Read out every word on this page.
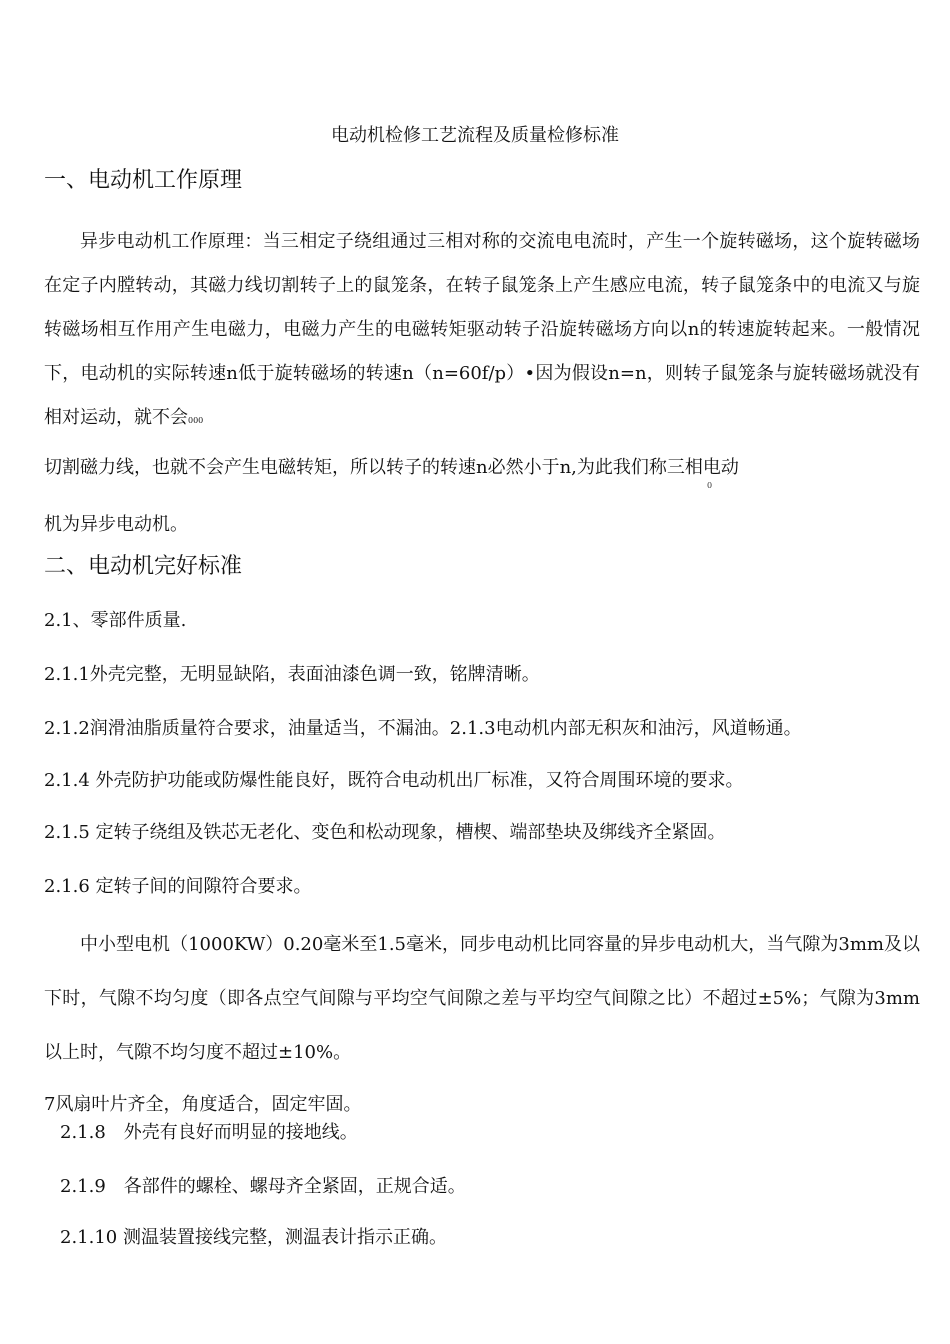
电动机检修工艺流程及质量检修标准
一、电动机工作原理
异步电动机工作原理：当三相定子绕组通过三相对称的交流电电流时，产生一个旋转磁场，这个旋转磁场在定子内膛转动，其磁力线切割转子上的鼠笼条，在转子鼠笼条上产生感应电流，转子鼠笼条中的电流又与旋转磁场相互作用产生电磁力，电磁力产生的电磁转矩驱动转子沿旋转磁场方向以n的转速旋转起来。一般情况下，电动机的实际转速n低于旋转磁场的转速n（n=60f/p）•因为假设n=n，则转子鼠笼条与旋转磁场就没有相对运动，就不会000
切割磁力线，也就不会产生电磁转矩，所以转子的转速n必然小于n,为此我们称三相电动
0
机为异步电动机。
二、电动机完好标准
2.1、零部件质量.
2.1.1外壳完整，无明显缺陷，表面油漆色调一致，铭牌清晰。
2.1.2润滑油脂质量符合要求，油量适当，不漏油。2.1.3电动机内部无积灰和油污，风道畅通。
2.1.4 外壳防护功能或防爆性能良好，既符合电动机出厂标准，又符合周围环境的要求。
2.1.5 定转子绕组及铁芯无老化、变色和松动现象，槽楔、端部垫块及绑线齐全紧固。
2.1.6 定转子间的间隙符合要求。
中小型电机（1000KW）0.20毫米至1.5毫米，同步电动机比同容量的异步电动机大，当气隙为3mm及以下时，气隙不均匀度（即各点空气间隙与平均空气间隙之差与平均空气间隙之比）不超过±5%；气隙为3mm以上时，气隙不均匀度不超过±10%。
7风扇叶片齐全，角度适合，固定牢固。
2.1.8　外壳有良好而明显的接地线。
2.1.9　各部件的螺栓、螺母齐全紧固，正规合适。
2.1.10 测温装置接线完整，测温表计指示正确。
